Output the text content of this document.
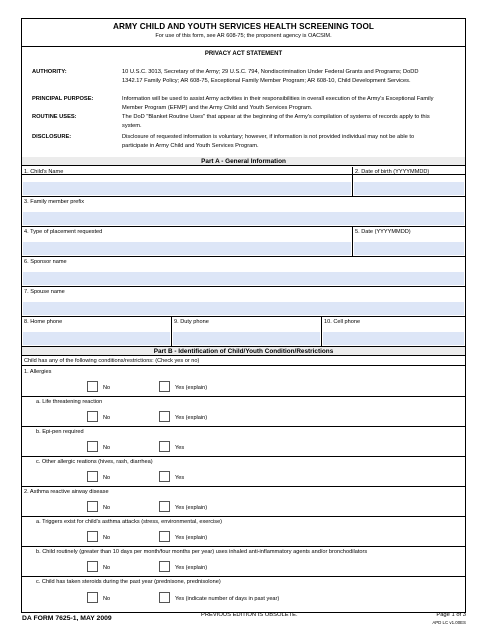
ARMY CHILD AND YOUTH SERVICES HEALTH SCREENING TOOL
For use of this form, see AR 608-75; the proponent agency is OACSIM.
PRIVACY ACT STATEMENT
AUTHORITY:	10 U.S.C. 3013, Secretary of the Army; 29 U.S.C. 794, Nondiscrimination Under Federal Grants and Programs; DoDD 1342.17 Family Policy; AR 608-75, Exceptional Family Member Program; AR 608-10, Child Development Services.
PRINCIPAL PURPOSE:	Information will be used to assist Army activities in their responsibilities in overall execution of the Army's Exceptional Family Member Program (EFMP) and the Army Child and Youth Services Program.
ROUTINE USES:	The DoD "Blanket Routine Uses" that appear at the beginning of the Army's compilation of systems of records apply to this system.
DISCLOSURE:	Disclosure of requested information is voluntary; however, if information is not provided individual may not be able to participate in Army Child and Youth Services Program.
Part A - General Information
1. Child's Name	2. Date of birth (YYYYMMDD)
3. Family member prefix
4. Type of placement requested	5. Date (YYYYMMDD)
6. Sponsor name
7. Spouse name
8. Home phone	9. Duty phone	10. Cell phone
Part B - Identification of Child/Youth Condition/Restrictions
Child has any of the following conditions/restrictions: (Check yes or no)
1. Allergies
No	Yes (explain)
a. Life threatening reaction
No	Yes (explain)
b. Epi-pen required
No	Yes
c. Other allergic reations (hives, rash, diarrhea)
No	Yes
2. Asthma reactive airway disease
No	Yes (explain)
a. Triggers exist for child's asthma attacks (stress, environmental, exercise)
No	Yes (explain)
b. Child routinely (greater than 10 days per month/four months per year) uses inhaled anti-inflammatory agents and/or bronchodilators
No	Yes (explain)
c. Child has taken steroids during the past year (prednisone, prednisolone)
No	Yes (indicate number of days in past year)
DA FORM 7625-1, MAY 2009	PREVIOUS EDITION IS OBSOLETE.	Page 1 of 3
APD LC v1.00ES
